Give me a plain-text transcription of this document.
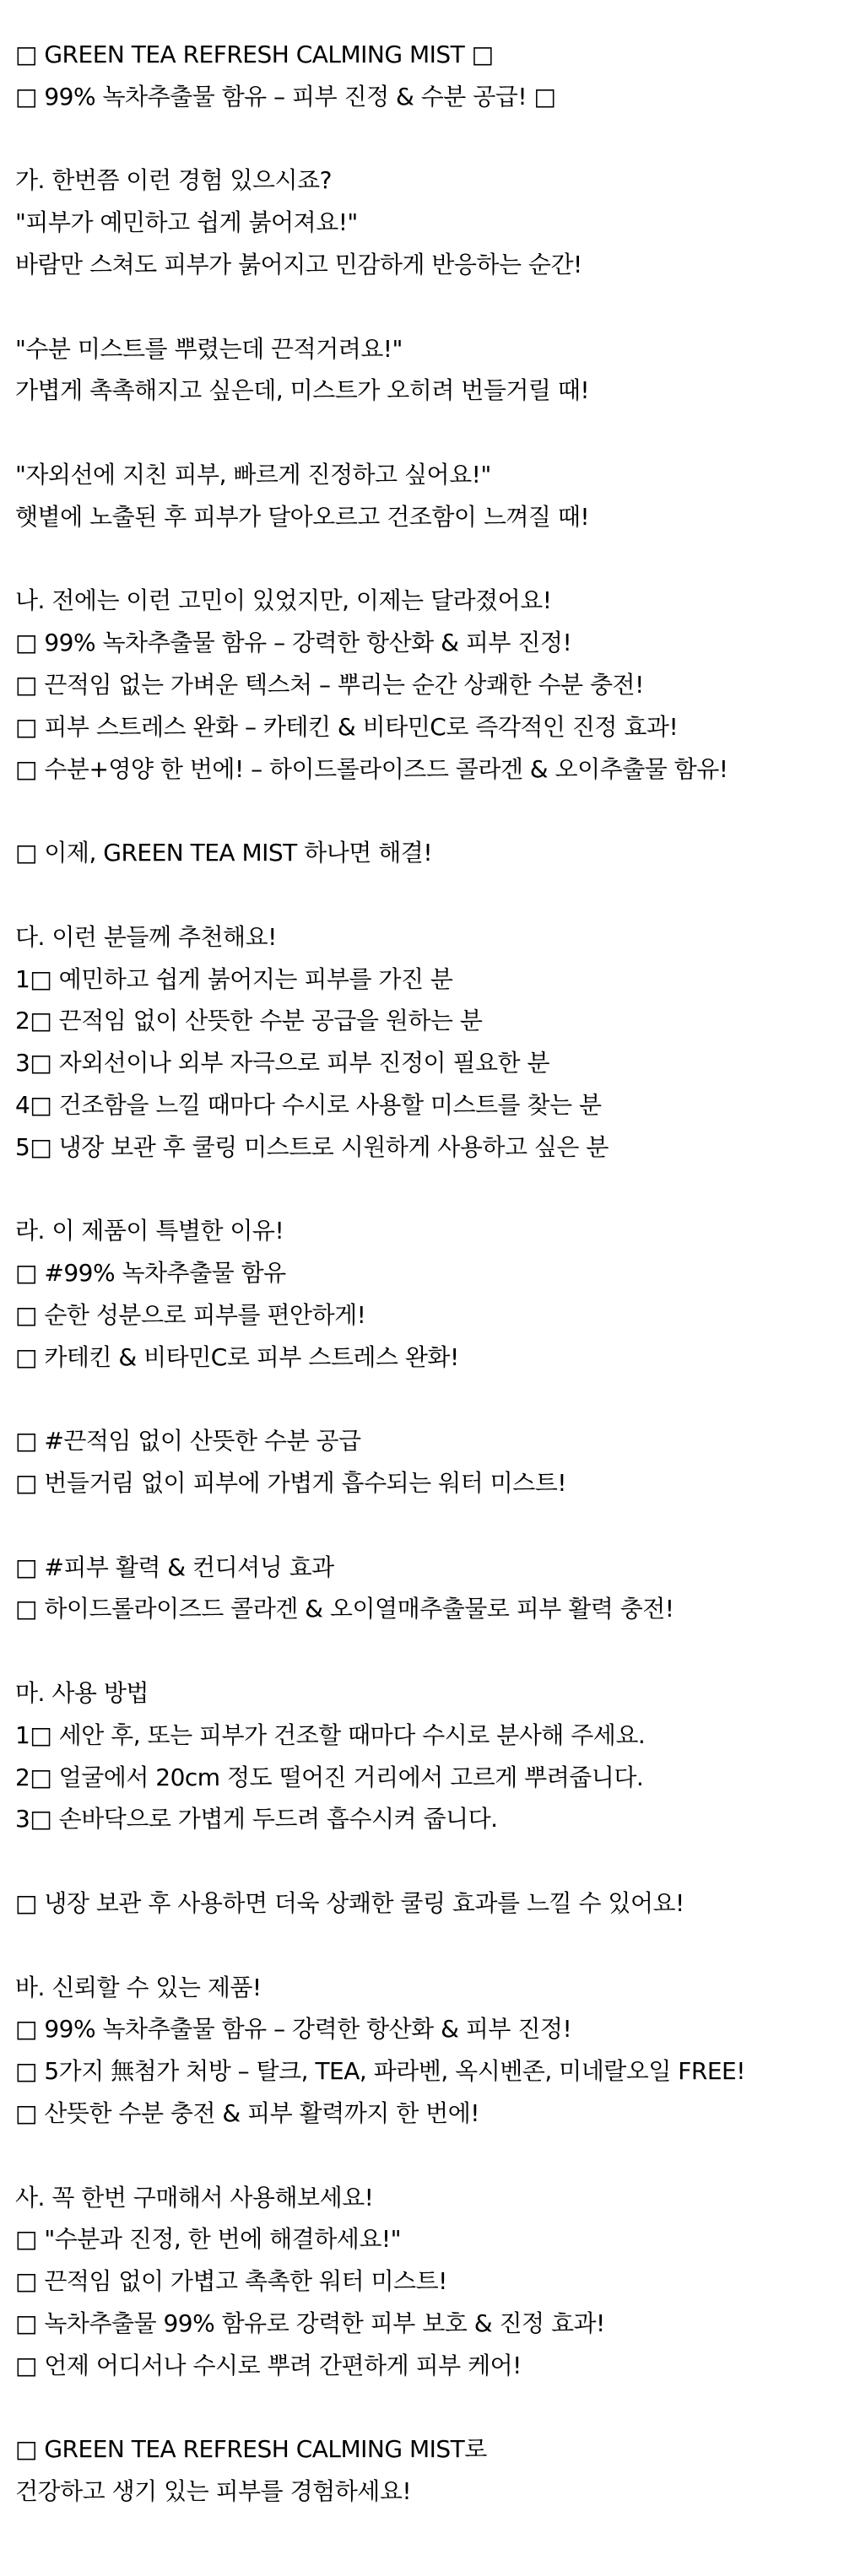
□ GREEN TEA REFRESH CALMING MIST □
□ 99% 녹차추출물 함유 – 피부 진정 & 수분 공급! □
가. 한번쯤 이런 경험 있으시죠?
"피부가 예민하고 쉽게 붉어져요!"
바람만 스쳐도 피부가 붉어지고 민감하게 반응하는 순간!
"수분 미스트를 뿌렸는데 끈적거려요!"
가볍게 촉촉해지고 싶은데, 미스트가 오히려 번들거릴 때!
"자외선에 지친 피부, 빠르게 진정하고 싶어요!"
햇볕에 노출된 후 피부가 달아오르고 건조함이 느껴질 때!
나. 전에는 이런 고민이 있었지만, 이제는 달라졌어요!
□ 99% 녹차추출물 함유 – 강력한 항산화 & 피부 진정!
□ 끈적임 없는 가벼운 텍스처 – 뿌리는 순간 상쾌한 수분 충전!
□ 피부 스트레스 완화 – 카테킨 & 비타민C로 즉각적인 진정 효과!
□ 수분+영양 한 번에! – 하이드롤라이즈드 콜라겐 & 오이추출물 함유!
□ 이제, GREEN TEA MIST 하나면 해결!
다. 이런 분들께 추천해요!
1□ 예민하고 쉽게 붉어지는 피부를 가진 분
2□ 끈적임 없이 산뜻한 수분 공급을 원하는 분
3□ 자외선이나 외부 자극으로 피부 진정이 필요한 분
4□ 건조함을 느낄 때마다 수시로 사용할 미스트를 찾는 분
5□ 냉장 보관 후 쿨링 미스트로 시원하게 사용하고 싶은 분
라. 이 제품이 특별한 이유!
□ #99% 녹차추출물 함유
□ 순한 성분으로 피부를 편안하게!
□ 카테킨 & 비타민C로 피부 스트레스 완화!
□ #끈적임 없이 산뜻한 수분 공급
□ 번들거림 없이 피부에 가볍게 흡수되는 워터 미스트!
□ #피부 활력 & 컨디셔닝 효과
□ 하이드롤라이즈드 콜라겐 & 오이열매추출물로 피부 활력 충전!
마. 사용 방법
1□ 세안 후, 또는 피부가 건조할 때마다 수시로 분사해 주세요.
2□ 얼굴에서 20cm 정도 떨어진 거리에서 고르게 뿌려줍니다.
3□ 손바닥으로 가볍게 두드려 흡수시켜 줍니다.
□ 냉장 보관 후 사용하면 더욱 상쾌한 쿨링 효과를 느낄 수 있어요!
바. 신뢰할 수 있는 제품!
□ 99% 녹차추출물 함유 – 강력한 항산화 & 피부 진정!
□ 5가지 無첨가 처방 – 탈크, TEA, 파라벤, 옥시벤존, 미네랄오일 FREE!
□ 산뜻한 수분 충전 & 피부 활력까지 한 번에!
사. 꼭 한번 구매해서 사용해보세요!
□ "수분과 진정, 한 번에 해결하세요!"
□ 끈적임 없이 가볍고 촉촉한 워터 미스트!
□ 녹차추출물 99% 함유로 강력한 피부 보호 & 진정 효과!
□ 언제 어디서나 수시로 뿌려 간편하게 피부 케어!
□ GREEN TEA REFRESH CALMING MIST로
건강하고 생기 있는 피부를 경험하세요!
